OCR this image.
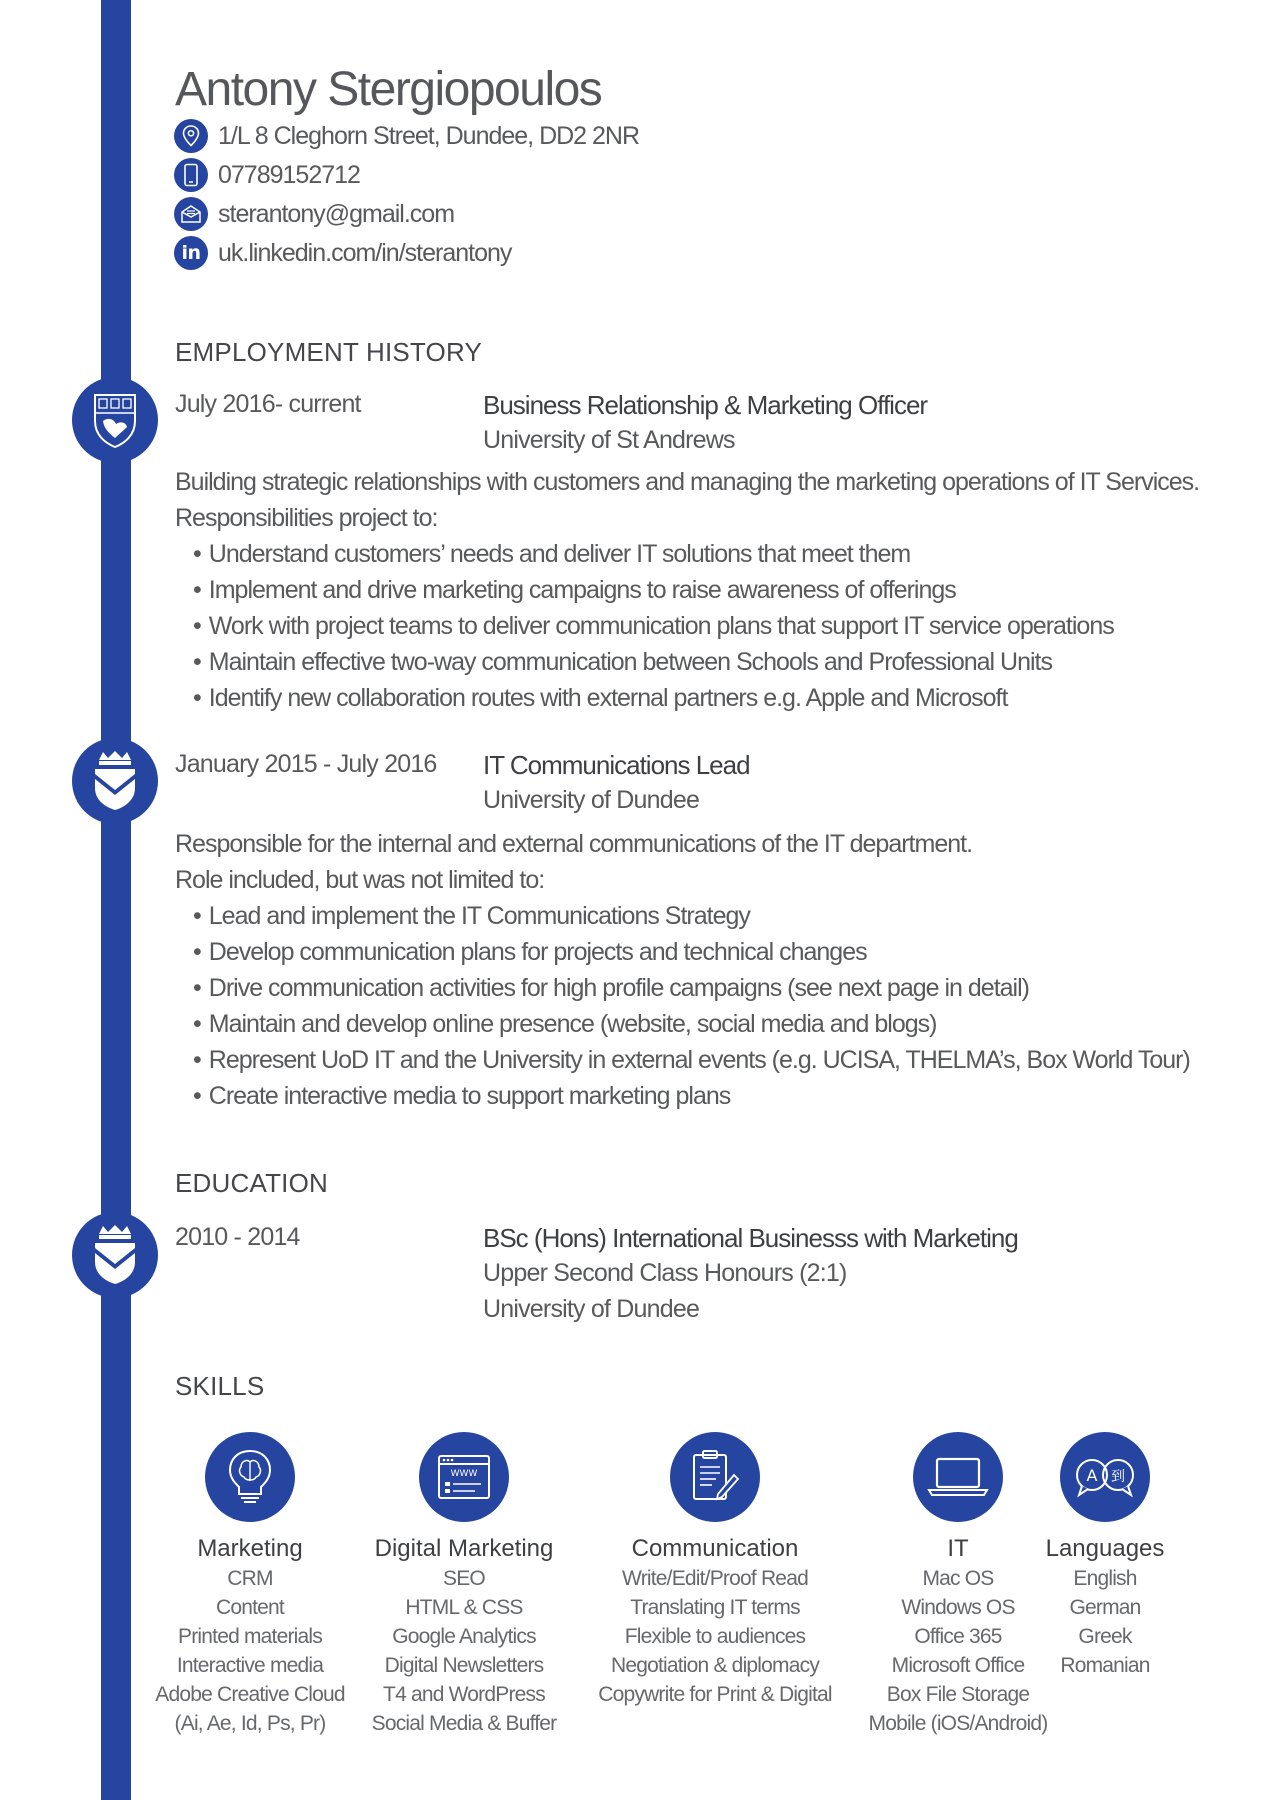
Antony Stergiopoulos
1/L 8 Cleghorn Street, Dundee, DD2 2NR
07789152712
sterantony@gmail.com
in uk.linkedin.com/in/sterantony
EMPLOYMENT HISTORY
July 2016- current	Business Relationship & Marketing Officer
University of St Andrews
Building strategic relationships with customers and managing the marketing operations of IT Services.
Responsibilities project to:
• Understand customers’ needs and deliver IT solutions that meet them
• Implement and drive marketing campaigns to raise awareness of offerings
• Work with project teams to deliver communication plans that support IT service operations
• Maintain effective two-way communication between Schools and Professional Units
• Identify new collaboration routes with external partners e.g. Apple and Microsoft
January 2015 - July 2016 IT Communications Lead
University of Dundee
Responsible for the internal and external communications of the IT department.
Role included, but was not limited to:
• Lead and implement the IT Communications Strategy
• Develop communication plans for projects and technical changes
• Drive communication activities for high profile campaigns (see next page in detail)
• Maintain and develop online presence (website, social media and blogs)
• Represent UoD IT and the University in external events (e.g. UCISA, THELMA’s, Box World Tour)
• Create interactive media to support marketing plans
EDUCATION
2010 - 2014	BSc (Hons) International Businesss with Marketing
Upper Second Class Honours (2:1)
University of Dundee
SKILLS
Marketing
CRM
Content
Printed materials
Interactive media
Adobe Creative Cloud
(Ai, Ae, Id, Ps, Pr)
WWW
Digital Marketing
SEO
HTML & CSS
Google Analytics
Digital Newsletters
T4 and WordPress
Social Media & Buffer
Communication
Write/Edit/Proof Read
Translating IT terms
Flexible to audiences
Negotiation & diplomacy
Copywrite for Print & Digital
IT
Mac OS
Windows OS
Office 365
Microsoft Office
Box File Storage
Mobile (iOS/Android)
A 到
Languages
English
German
Greek
Romanian
